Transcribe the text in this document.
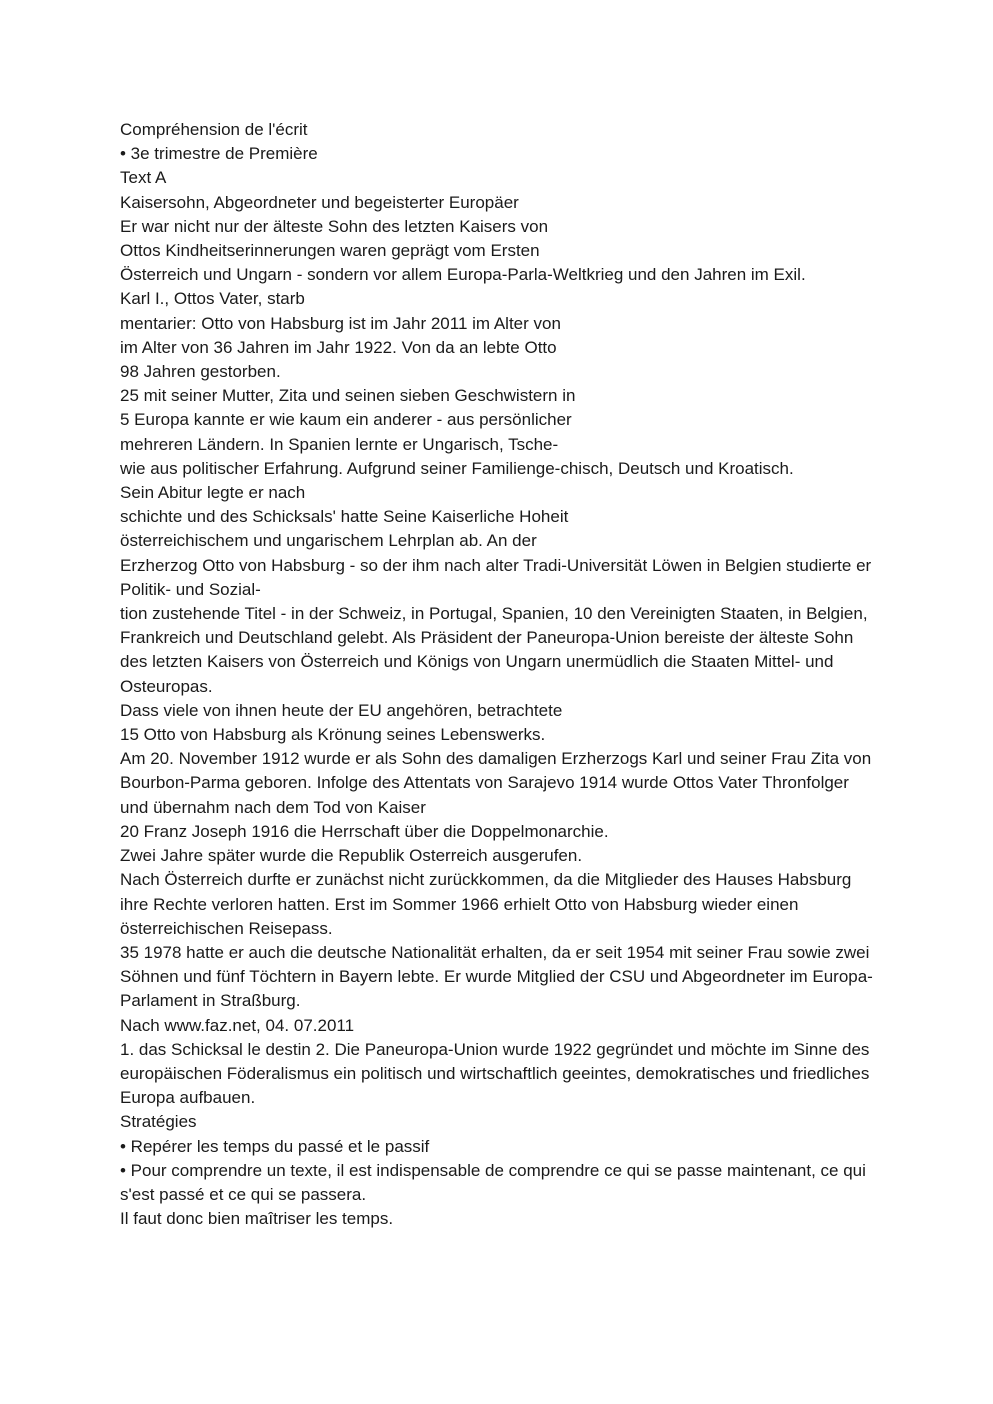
Compréhension de l'écrit
• 3e trimestre de Première
Text A
Kaisersohn, Abgeordneter und begeisterter Europäer
Er war nicht nur der älteste Sohn des letzten Kaisers von
Ottos Kindheitserinnerungen waren geprägt vom Ersten
Österreich und Ungarn - sondern vor allem Europa-Parla-Weltkrieg und den Jahren im Exil.
Karl I., Ottos Vater, starb
mentarier: Otto von Habsburg ist im Jahr 2011 im Alter von
im Alter von 36 Jahren im Jahr 1922. Von da an lebte Otto
98 Jahren gestorben.
25 mit seiner Mutter, Zita und seinen sieben Geschwistern in
5 Europa kannte er wie kaum ein anderer - aus persönlicher
mehreren Ländern. In Spanien lernte er Ungarisch, Tsche-
wie aus politischer Erfahrung. Aufgrund seiner Familienge-chisch, Deutsch und Kroatisch.
Sein Abitur legte er nach
schichte und des Schicksals' hatte Seine Kaiserliche Hoheit
österreichischem und ungarischem Lehrplan ab. An der
Erzherzog Otto von Habsburg - so der ihm nach alter Tradi-Universität Löwen in Belgien studierte er Politik- und Sozial-
tion zustehende Titel - in der Schweiz, in Portugal, Spanien, 10 den Vereinigten Staaten, in Belgien, Frankreich und Deutschland gelebt. Als Präsident der Paneuropa-Union bereiste der älteste Sohn des letzten Kaisers von Österreich und Königs von Ungarn unermüdlich die Staaten Mittel- und Osteuropas.
Dass viele von ihnen heute der EU angehören, betrachtete
15 Otto von Habsburg als Krönung seines Lebenswerks.
Am 20. November 1912 wurde er als Sohn des damaligen Erzherzogs Karl und seiner Frau Zita von Bourbon-Parma geboren. Infolge des Attentats von Sarajevo 1914 wurde Ottos Vater Thronfolger und übernahm nach dem Tod von Kaiser
20 Franz Joseph 1916 die Herrschaft über die Doppelmonarchie.
Zwei Jahre später wurde die Republik Osterreich ausgerufen.
Nach Österreich durfte er zunächst nicht zurückkommen, da die Mitglieder des Hauses Habsburg ihre Rechte verloren hatten. Erst im Sommer 1966 erhielt Otto von Habsburg wieder einen österreichischen Reisepass.
35 1978 hatte er auch die deutsche Nationalität erhalten, da er seit 1954 mit seiner Frau sowie zwei Söhnen und fünf Töchtern in Bayern lebte. Er wurde Mitglied der CSU und Abgeordneter im Europa-Parlament in Straßburg.
Nach www.faz.net, 04. 07.2011
1. das Schicksal le destin 2. Die Paneuropa-Union wurde 1922 gegründet und möchte im Sinne des europäischen Föderalismus ein politisch und wirtschaftlich geeintes, demokratisches und friedliches Europa aufbauen.
Stratégies
• Repérer les temps du passé et le passif
• Pour comprendre un texte, il est indispensable de comprendre ce qui se passe maintenant, ce qui s'est passé et ce qui se passera.
Il faut donc bien maîtriser les temps.
